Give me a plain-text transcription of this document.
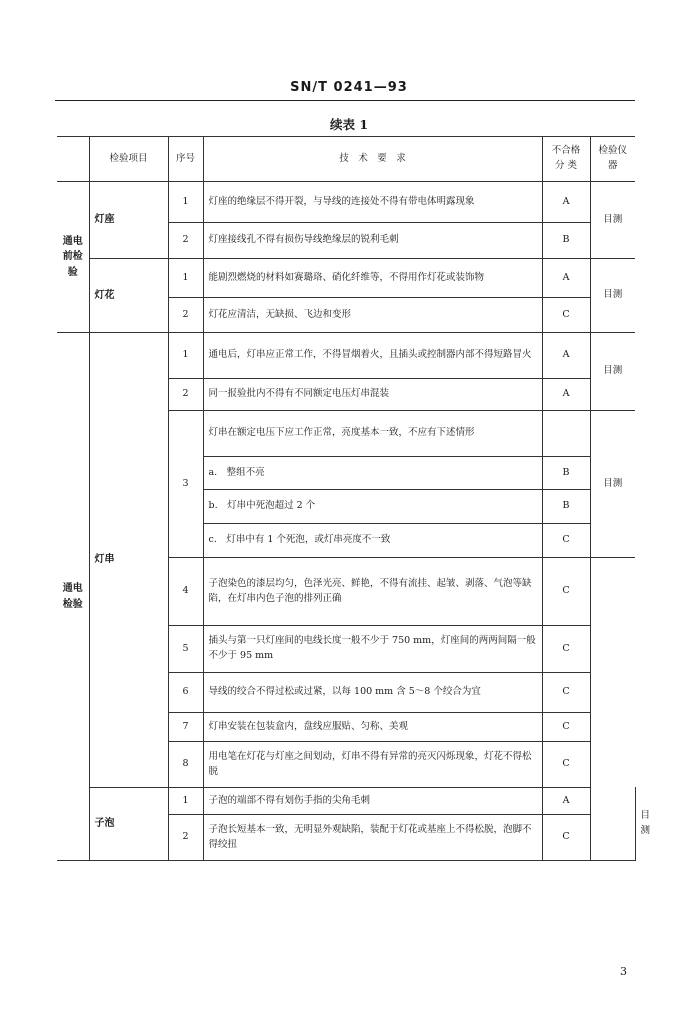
SN/T 0241—93
续表 1
	检验项目	序号	技　术　要　求	不合格分 类	检验仪器	
通电前检验	灯座	1	灯座的绝缘层不得开裂，与导线的连接处不得有带电体明露现象	A	目测	
		2	灯座接线孔不得有损伤导线绝缘层的锐利毛刺	B		
	灯花	1	能剧烈燃烧的材料如赛璐珞、硝化纤维等，不得用作灯花或装饰物	A	目测	
		2	灯花应清洁，无缺损、飞边和变形	C		
通电检验	灯串	1	通电后，灯串应正常工作，不得冒烟着火，且插头或控制器内部不得短路冒火	A	目测	
		2	同一报验批内不得有不同额定电压灯串混装	A		
		3	灯串在额定电压下应工作正常，亮度基本一致，不应有下述情形		目测	
			a.　整组不亮	B		
			b.　灯串中死泡超过 2 个	B		
			c.　灯串中有 1 个死泡，或灯串亮度不一致	C		
		4	子泡染色的漆层均匀，色泽光亮、鲜艳，不得有流挂、起皱、剥落、气泡等缺陷，在灯串内色子泡的排列正确	C		
		5	插头与第一只灯座间的电线长度一般不少于 750 mm，灯座间的两两间隔一般不少于 95 mm	C		
		6	导线的绞合不得过松或过紧，以每 100 mm 含 5～8 个绞合为宜	C		
		7	灯串安装在包装盒内，盘线应服贴、匀称、美观	C		
		8	用电笔在灯花与灯座之间划动，灯串不得有异常的亮灭闪烁现象，灯花不得松脱	C		
	子泡	1	子泡的端部不得有划伤手指的尖角毛刺	A		目测
		2	子泡长短基本一致，无明显外观缺陷，装配于灯花或基座上不得松脱，泡脚不得绞扭	C		
3
